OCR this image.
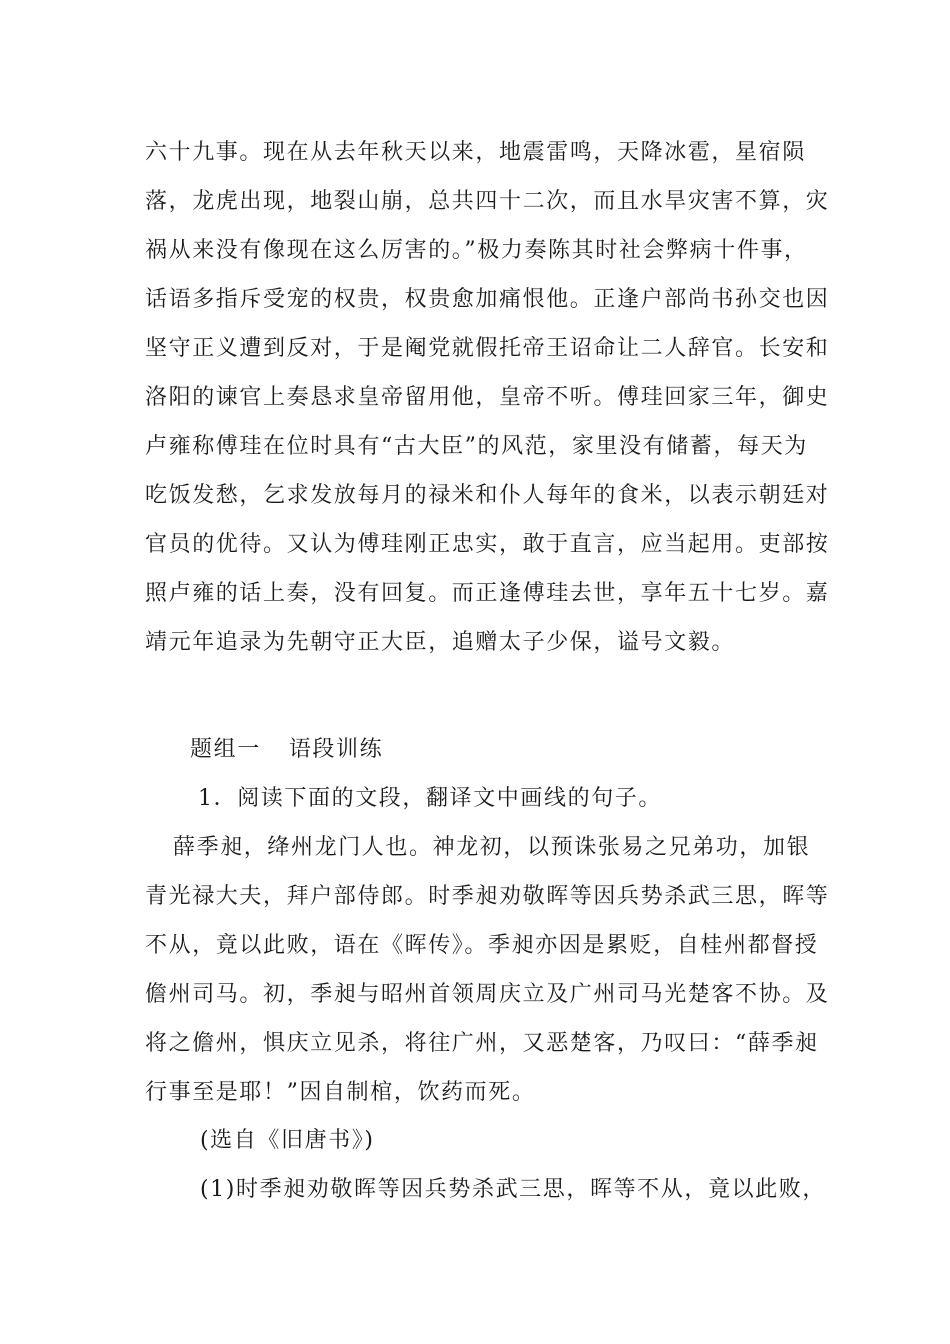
六十九事。现在从去年秋天以来，地震雷鸣，天降冰雹，星宿陨
落，龙虎出现，地裂山崩，总共四十二次，而且水旱灾害不算，灾
祸从来没有像现在这么厉害的。”极力奏陈其时社会弊病十件事，
话语多指斥受宠的权贵，权贵愈加痛恨他。正逢户部尚书孙交也因
坚守正义遭到反对，于是阉党就假托帝王诏命让二人辞官。长安和
洛阳的谏官上奏恳求皇帝留用他，皇帝不听。傅珪回家三年，御史
卢雍称傅珪在位时具有“古大臣”的风范，家里没有储蓄，每天为
吃饭发愁，乞求发放每月的禄米和仆人每年的食米，以表示朝廷对
官员的优待。又认为傅珪刚正忠实，敢于直言，应当起用。吏部按
照卢雍的话上奏，没有回复。而正逢傅珪去世，享年五十七岁。嘉
靖元年追录为先朝守正大臣，追赠太子少保，谥号文毅。
题组一 语段训练
1．阅读下面的文段，翻译文中画线的句子。
薛季昶，绛州龙门人也。神龙初，以预诛张易之兄弟功，加银
青光禄大夫，拜户部侍郎。时季昶劝敬晖等因兵势杀武三思，晖等
不从，竟以此败，语在《晖传》。季昶亦因是累贬，自桂州都督授
儋州司马。初，季昶与昭州首领周庆立及广州司马光楚客不协。及
将之儋州，惧庆立见杀，将往广州，又恶楚客，乃叹曰：“薛季昶
行事至是耶！”因自制棺，饮药而死。
(选自《旧唐书》)
(1)时季昶劝敬晖等因兵势杀武三思，晖等不从，竟以此败，
